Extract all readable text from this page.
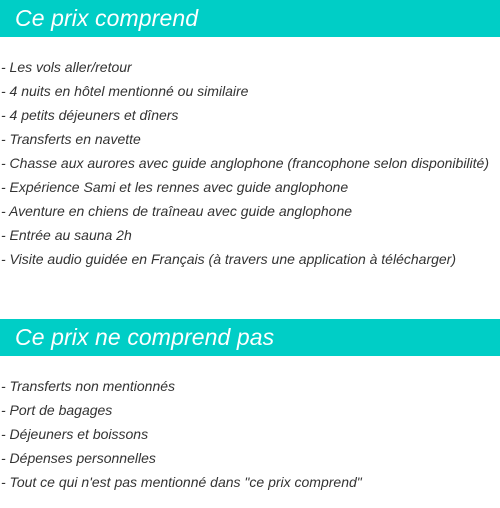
Ce prix comprend
- Les vols aller/retour
- 4 nuits en hôtel mentionné ou similaire
- 4 petits déjeuners et dîners
- Transferts en navette
- Chasse aux aurores avec guide anglophone (francophone selon disponibilité)
- Expérience Sami et les rennes avec guide anglophone
- Aventure en chiens de traîneau avec guide anglophone
- Entrée au sauna 2h
- Visite audio guidée en Français (à travers une application à télécharger)
Ce prix ne comprend pas
- Transferts non mentionnés
- Port de bagages
- Déjeuners et boissons
- Dépenses personnelles
- Tout ce qui n'est pas mentionné dans "ce prix comprend"
